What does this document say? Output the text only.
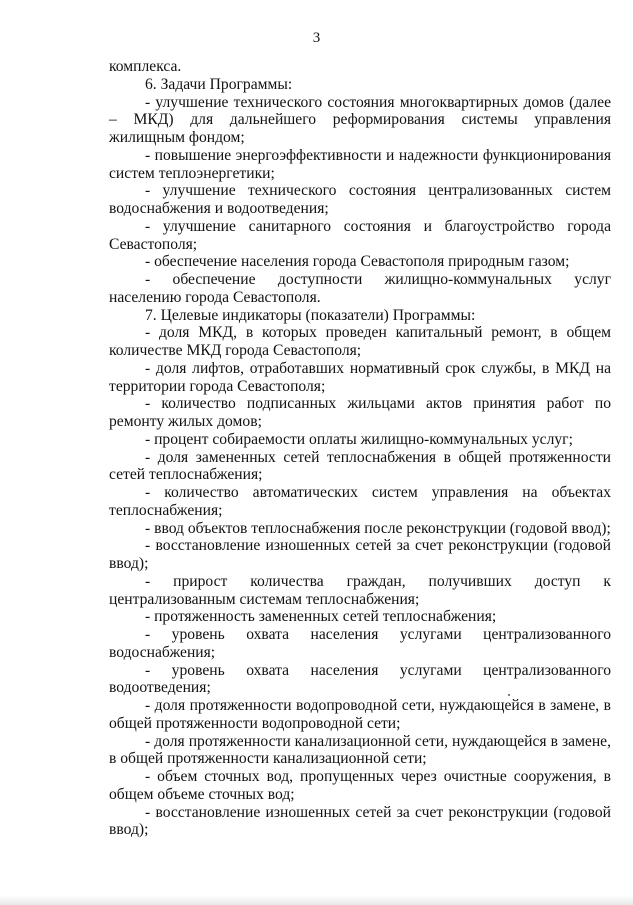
3

комплекса.

6. Задачи Программы:

- улучшение технического состояния многоквартирных домов (далее – МКД) для дальнейшего реформирования системы управления жилищным фондом;

- повышение энергоэффективности и надежности функционирования систем теплоэнергетики;

- улучшение технического состояния централизованных систем водоснабжения и водоотведения;

- улучшение санитарного состояния и благоустройство города Севастополя;

- обеспечение населения города Севастополя природным газом;

- обеспечение доступности жилищно-коммунальных услуг населению города Севастополя.

7. Целевые индикаторы (показатели) Программы:

- доля МКД, в которых проведен капитальный ремонт, в общем количестве МКД города Севастополя;

- доля лифтов, отработавших нормативный срок службы, в МКД на территории города Севастополя;

- количество подписанных жильцами актов принятия работ по ремонту жилых домов;

- процент собираемости оплаты жилищно-коммунальных услуг;

- доля замененных сетей теплоснабжения в общей протяженности сетей теплоснабжения;

- количество автоматических систем управления на объектах теплоснабжения;

- ввод объектов теплоснабжения после реконструкции (годовой ввод);

- восстановление изношенных сетей за счет реконструкции (годовой ввод);

- прирост количества граждан, получивших доступ к централизованным системам теплоснабжения;

- протяженность замененных сетей теплоснабжения;

- уровень охвата населения услугами централизованного водоснабжения;

- уровень охвата населения услугами централизованного водоотведения;

- доля протяженности водопроводной сети, нуждающейся в замене, в общей протяженности водопроводной сети;

- доля протяженности канализационной сети, нуждающейся в замене, в общей протяженности канализационной сети;

- объем сточных вод, пропущенных через очистные сооружения, в общем объеме сточных вод;

- восстановление изношенных сетей за счет реконструкции (годовой ввод);
